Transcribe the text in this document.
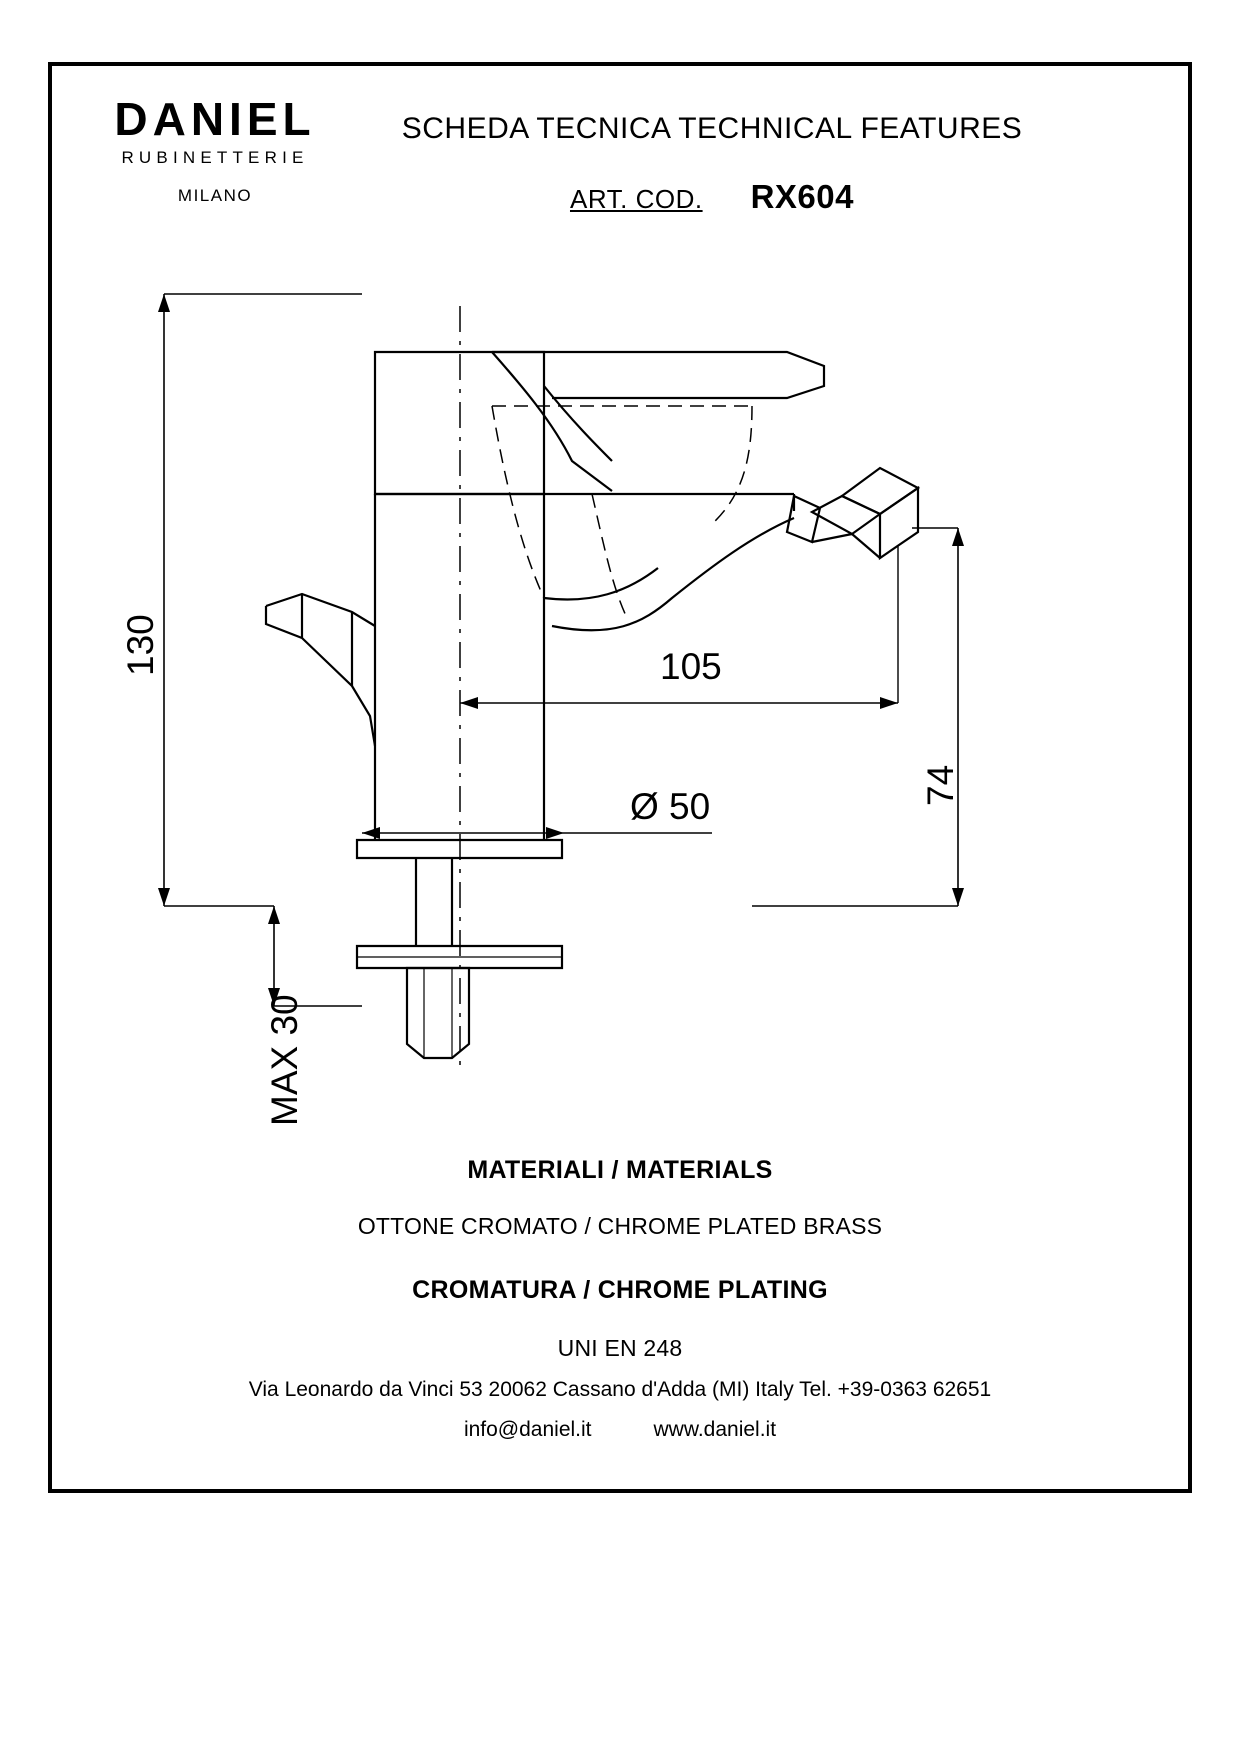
DANIEL
RUBINETTERIE
MILANO
SCHEDA TECNICA TECHNICAL FEATURES
ART. COD. RX604
130
74
105
Ø 50
MAX 30
MATERIALI / MATERIALS
OTTONE CROMATO / CHROME PLATED BRASS
CROMATURA / CHROME PLATING
UNI EN 248
Via Leonardo da Vinci 53 20062 Cassano d'Adda (MI) Italy Tel. +39-0363 62651
info@daniel.it	www.daniel.it
